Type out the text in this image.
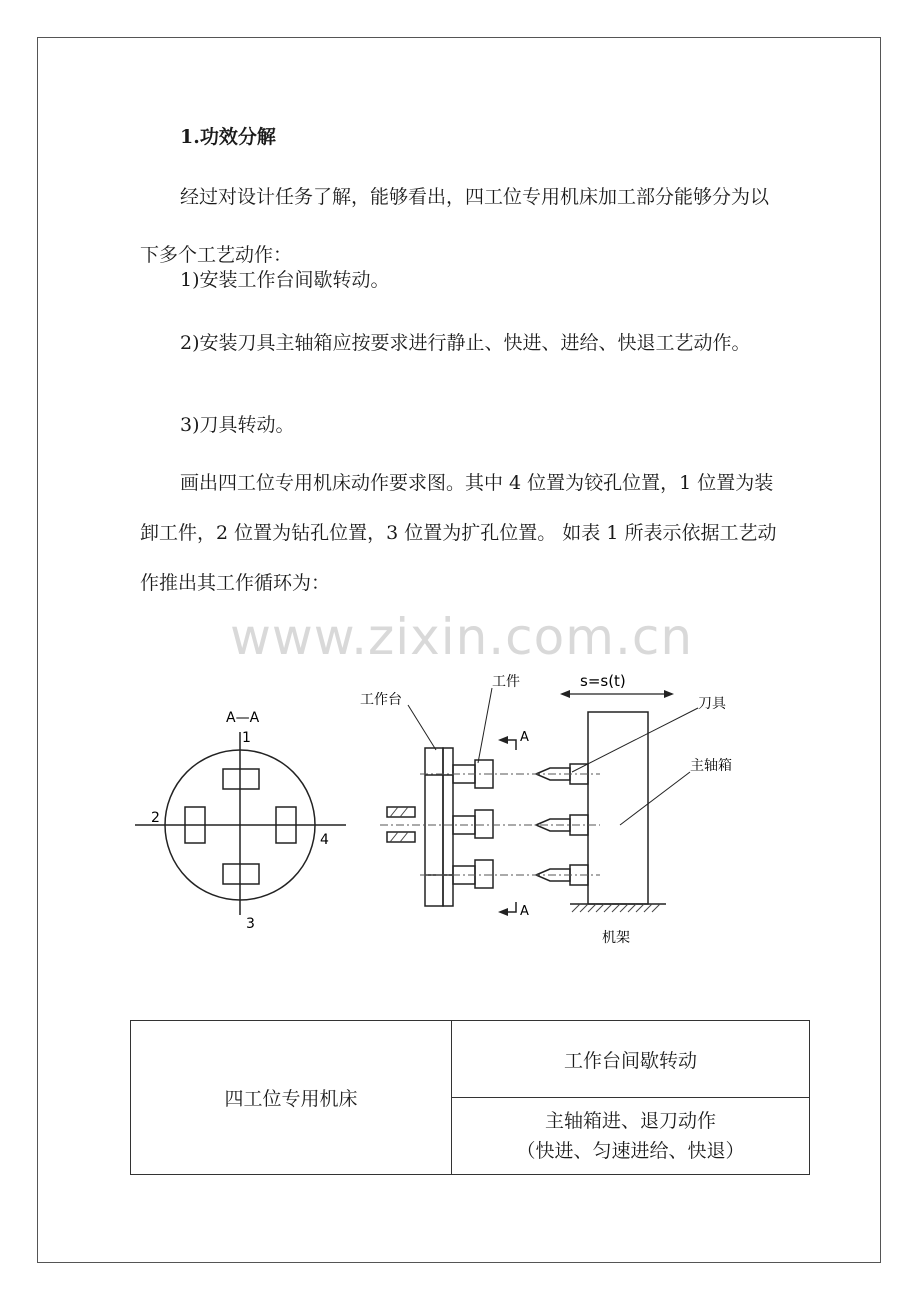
1.功效分解

经过对设计任务了解，能够看出，四工位专用机床加工部分能够分为以下多个工艺动作：

1)安装工作台间歇转动。

2)安装刀具主轴箱应按要求进行静止、快进、进给、快退工艺动作。

3)刀具转动。

画出四工位专用机床动作要求图。其中 4 位置为铰孔位置，1 位置为装卸工件，2 位置为钻孔位置，3 位置为扩孔位置。 如表 1 所表示依据工艺动作推出其工作循环为：

www.zixin.com.cn
A—A
1
2
3
4
A
A
s=s(t)
工作台
工件
刀具
主轴箱
机架
四工位专用机床	工作台间歇转动

主轴箱进、退刀动作
（快进、匀速进给、快退）
